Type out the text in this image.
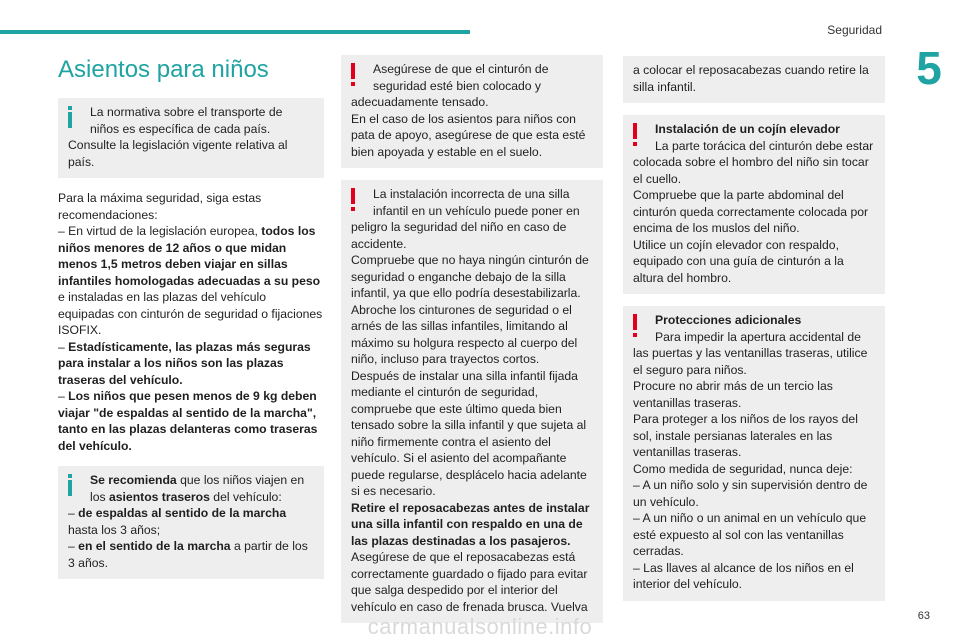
Seguridad
5
Asientos para niños

La normativa sobre el transporte de

niños es específica de cada país.

Consulte la legislación vigente relativa al país.

Para la máxima seguridad, siga estas recomendaciones:

– En virtud de la legislación europea, todos los niños menores de 12 años o que midan menos 1,5 metros deben viajar en sillas infantiles homologadas adecuadas a su peso e instaladas en las plazas del vehículo equipadas con cinturón de seguridad o fijaciones ISOFIX.

– Estadísticamente, las plazas más seguras para instalar a los niños son las plazas traseras del vehículo.

– Los niños que pesen menos de 9 kg deben viajar "de espaldas al sentido de la marcha", tanto en las plazas delanteras como traseras del vehículo.

Se recomienda que los niños viajen en

los asientos traseros del vehículo:

– de espaldas al sentido de la marcha hasta los 3 años;

– en el sentido de la marcha a partir de los 3 años.

Asegúrese de que el cinturón de

seguridad esté bien colocado y

adecuadamente tensado.

En el caso de los asientos para niños con pata de apoyo, asegúrese de que esta esté bien apoyada y estable en el suelo.

La instalación incorrecta de una silla

infantil en un vehículo puede poner en

peligro la seguridad del niño en caso de accidente.

Compruebe que no haya ningún cinturón de seguridad o enganche debajo de la silla infantil, ya que ello podría desestabilizarla.

Abroche los cinturones de seguridad o el arnés de las sillas infantiles, limitando al máximo su holgura respecto al cuerpo del niño, incluso para trayectos cortos.

Después de instalar una silla infantil fijada mediante el cinturón de seguridad, compruebe que este último queda bien tensado sobre la silla infantil y que sujeta al niño firmemente contra el asiento del vehículo. Si el asiento del acompañante puede regularse, desplácelo hacia adelante si es necesario.

Retire el reposacabezas antes de instalar una silla infantil con respaldo en una de las plazas destinadas a los pasajeros.

Asegúrese de que el reposacabezas está correctamente guardado o fijado para evitar que salga despedido por el interior del vehículo en caso de frenada brusca. Vuelva

a colocar el reposacabezas cuando retire la silla infantil.

Instalación de un cojín elevador

La parte torácica del cinturón debe estar

colocada sobre el hombro del niño sin tocar el cuello.

Compruebe que la parte abdominal del cinturón queda correctamente colocada por encima de los muslos del niño.

Utilice un cojín elevador con respaldo, equipado con una guía de cinturón a la altura del hombro.

Protecciones adicionales

Para impedir la apertura accidental de

las puertas y las ventanillas traseras, utilice el seguro para niños.

Procure no abrir más de un tercio las ventanillas traseras.

Para proteger a los niños de los rayos del sol, instale persianas laterales en las ventanillas traseras.

Como medida de seguridad, nunca deje:

– A un niño solo y sin supervisión dentro de un vehículo.

– A un niño o un animal en un vehículo que esté expuesto al sol con las ventanillas cerradas.

– Las llaves al alcance de los niños en el interior del vehículo.

63
carmanualsonline.info
